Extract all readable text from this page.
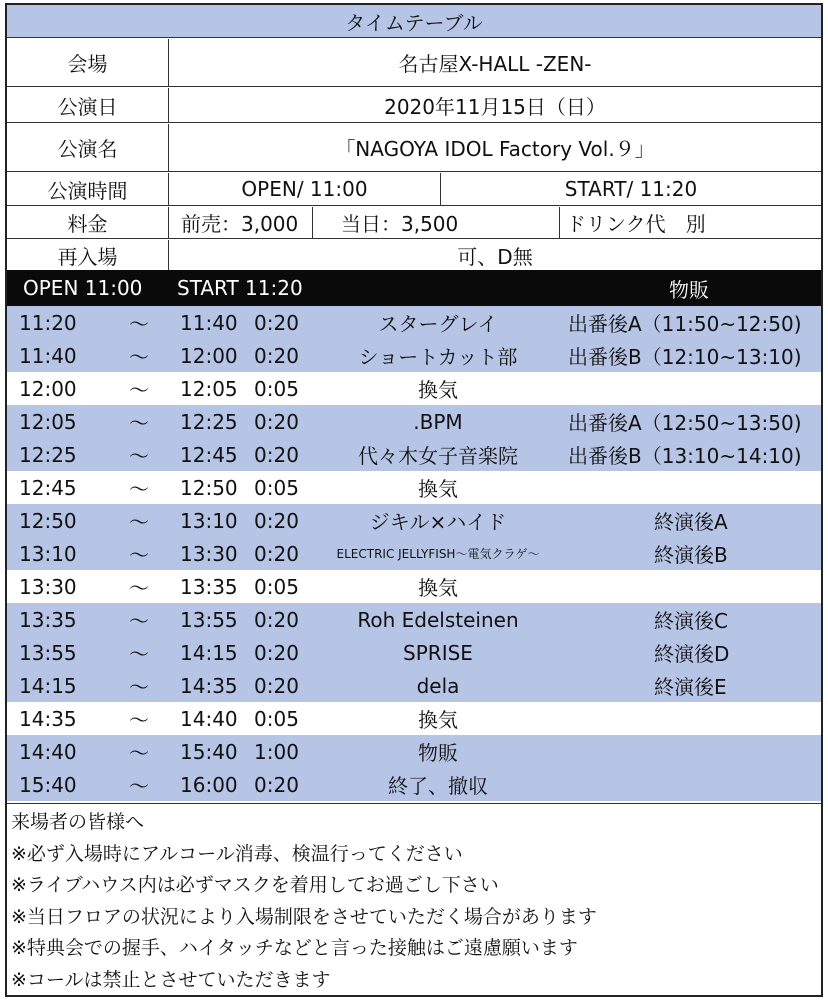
タイムテーブル
会場	名古屋X-HALL -ZEN-
公演日	2020年11月15日（日）
公演名	「NAGOYA IDOL Factory Vol.９」
公演時間	OPEN/ 11:00	START/ 11:20
料金	前売：3,000	当日：3,500	ドリンク代　別
再入場	可、D無
OPEN 11:00	START 11:20	物販
11:20	～	11:40 0:20	スターグレイ	出番後A（11:50~12:50)
11:40	～	12:00 0:20	ショートカット部	出番後B（12:10~13:10)
12:00	～	12:05 0:05	換気
12:05	～	12:25 0:20	.BPM	出番後A（12:50~13:50)
12:25	～	12:45 0:20	代々木女子音楽院	出番後B（13:10~14:10)
12:45	～	12:50 0:05	換気
12:50	～	13:10 0:20	ジキル×ハイド	終演後A
13:10	～	13:30 0:20	ELECTRIC JELLYFISH～電気クラゲ～	終演後B
13:30	～	13:35 0:05	換気
13:35	～	13:55 0:20	Roh Edelsteinen	終演後C
13:55	～	14:15 0:20	SPRISE	終演後D
14:15	～	14:35 0:20	dela	終演後E
14:35	～	14:40 0:05	換気
14:40	～	15:40 1:00	物販
15:40	～	16:00 0:20	終了、撤収
来場者の皆様へ
※必ず入場時にアルコール消毒、検温行ってください
※ライブハウス内は必ずマスクを着用してお過ごし下さい
※当日フロアの状況により入場制限をさせていただく場合があります
※特典会での握手、ハイタッチなどと言った接触はご遠慮願います
※コールは禁止とさせていただきます
